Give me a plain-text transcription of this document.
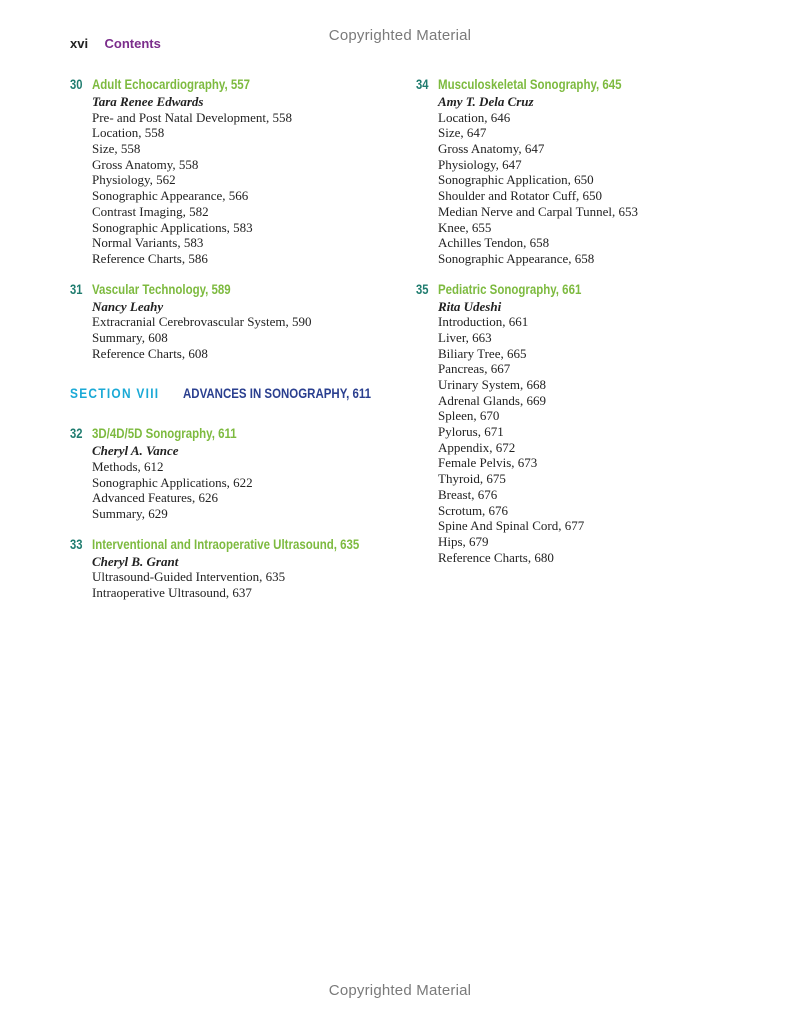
Copyrighted Material
xvi Contents
30 Adult Echocardiography, 557
Tara Renee Edwards
Pre- and Post Natal Development, 558
Location, 558
Size, 558
Gross Anatomy, 558
Physiology, 562
Sonographic Appearance, 566
Contrast Imaging, 582
Sonographic Applications, 583
Normal Variants, 583
Reference Charts, 586
31 Vascular Technology, 589
Nancy Leahy
Extracranial Cerebrovascular System, 590
Summary, 608
Reference Charts, 608
SECTION VIII ADVANCES IN SONOGRAPHY, 611
32 3D/4D/5D Sonography, 611
Cheryl A. Vance
Methods, 612
Sonographic Applications, 622
Advanced Features, 626
Summary, 629
33 Interventional and Intraoperative Ultrasound, 635
Cheryl B. Grant
Ultrasound-Guided Intervention, 635
Intraoperative Ultrasound, 637
34 Musculoskeletal Sonography, 645
Amy T. Dela Cruz
Location, 646
Size, 647
Gross Anatomy, 647
Physiology, 647
Sonographic Application, 650
Shoulder and Rotator Cuff, 650
Median Nerve and Carpal Tunnel, 653
Knee, 655
Achilles Tendon, 658
Sonographic Appearance, 658
35 Pediatric Sonography, 661
Rita Udeshi
Introduction, 661
Liver, 663
Biliary Tree, 665
Pancreas, 667
Urinary System, 668
Adrenal Glands, 669
Spleen, 670
Pylorus, 671
Appendix, 672
Female Pelvis, 673
Thyroid, 675
Breast, 676
Scrotum, 676
Spine And Spinal Cord, 677
Hips, 679
Reference Charts, 680
Copyrighted Material
